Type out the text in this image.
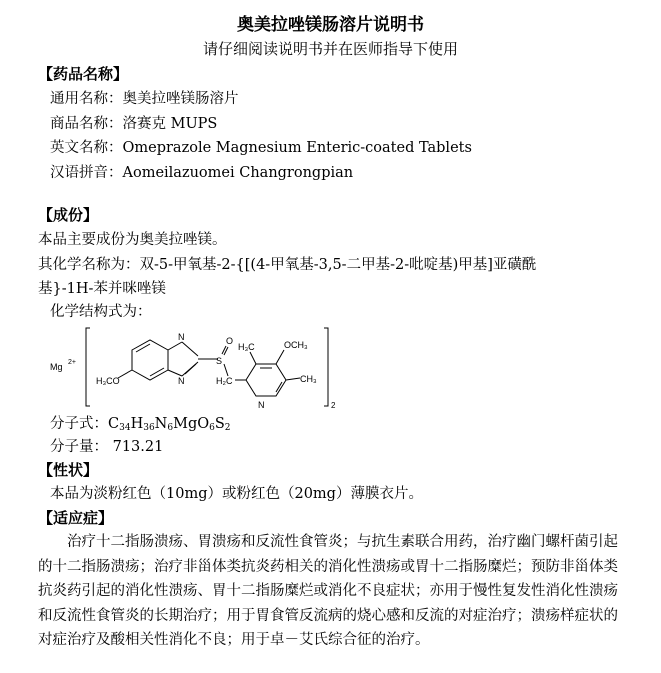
奥美拉唑镁肠溶片说明书
请仔细阅读说明书并在医师指导下使用
【药品名称】
通用名称：奥美拉唑镁肠溶片
商品名称：洛赛克 MUPS
英文名称：Omeprazole Magnesium Enteric-coated Tablets
汉语拼音：Aomeilazuomei Changrongpian
【成份】
本品主要成份为奥美拉唑镁。
其化学名称为：双-5-甲氧基-2-{[(4-甲氧基-3,5-二甲基-2-吡啶基)甲基]亚磺酰
基}-1H-苯并咪唑镁
化学结构式为：
Mg 2+
H₃CO
N
N
S
O
H₂C
H₃C	OCH₃
CH₃
N	2
分子式：$C_{34}H_{36}N_6MgO_6S_2$
分子量： 713.21
【性状】
本品为淡粉红色（10mg）或粉红色（20mg）薄膜衣片。
【适应症】
治疗十二指肠溃疡、胃溃疡和反流性食管炎；与抗生素联合用药，治疗幽门螺杆菌引起的十二指肠溃疡；治疗非甾体类抗炎药相关的消化性溃疡或胃十二指肠糜烂；预防非甾体类抗炎药引起的消化性溃疡、胃十二指肠糜烂或消化不良症状；亦用于慢性复发性消化性溃疡和反流性食管炎的长期治疗；用于胃食管反流病的烧心感和反流的对症治疗；溃疡样症状的对症治疗及酸相关性消化不良；用于卓－艾氏综合征的治疗。
